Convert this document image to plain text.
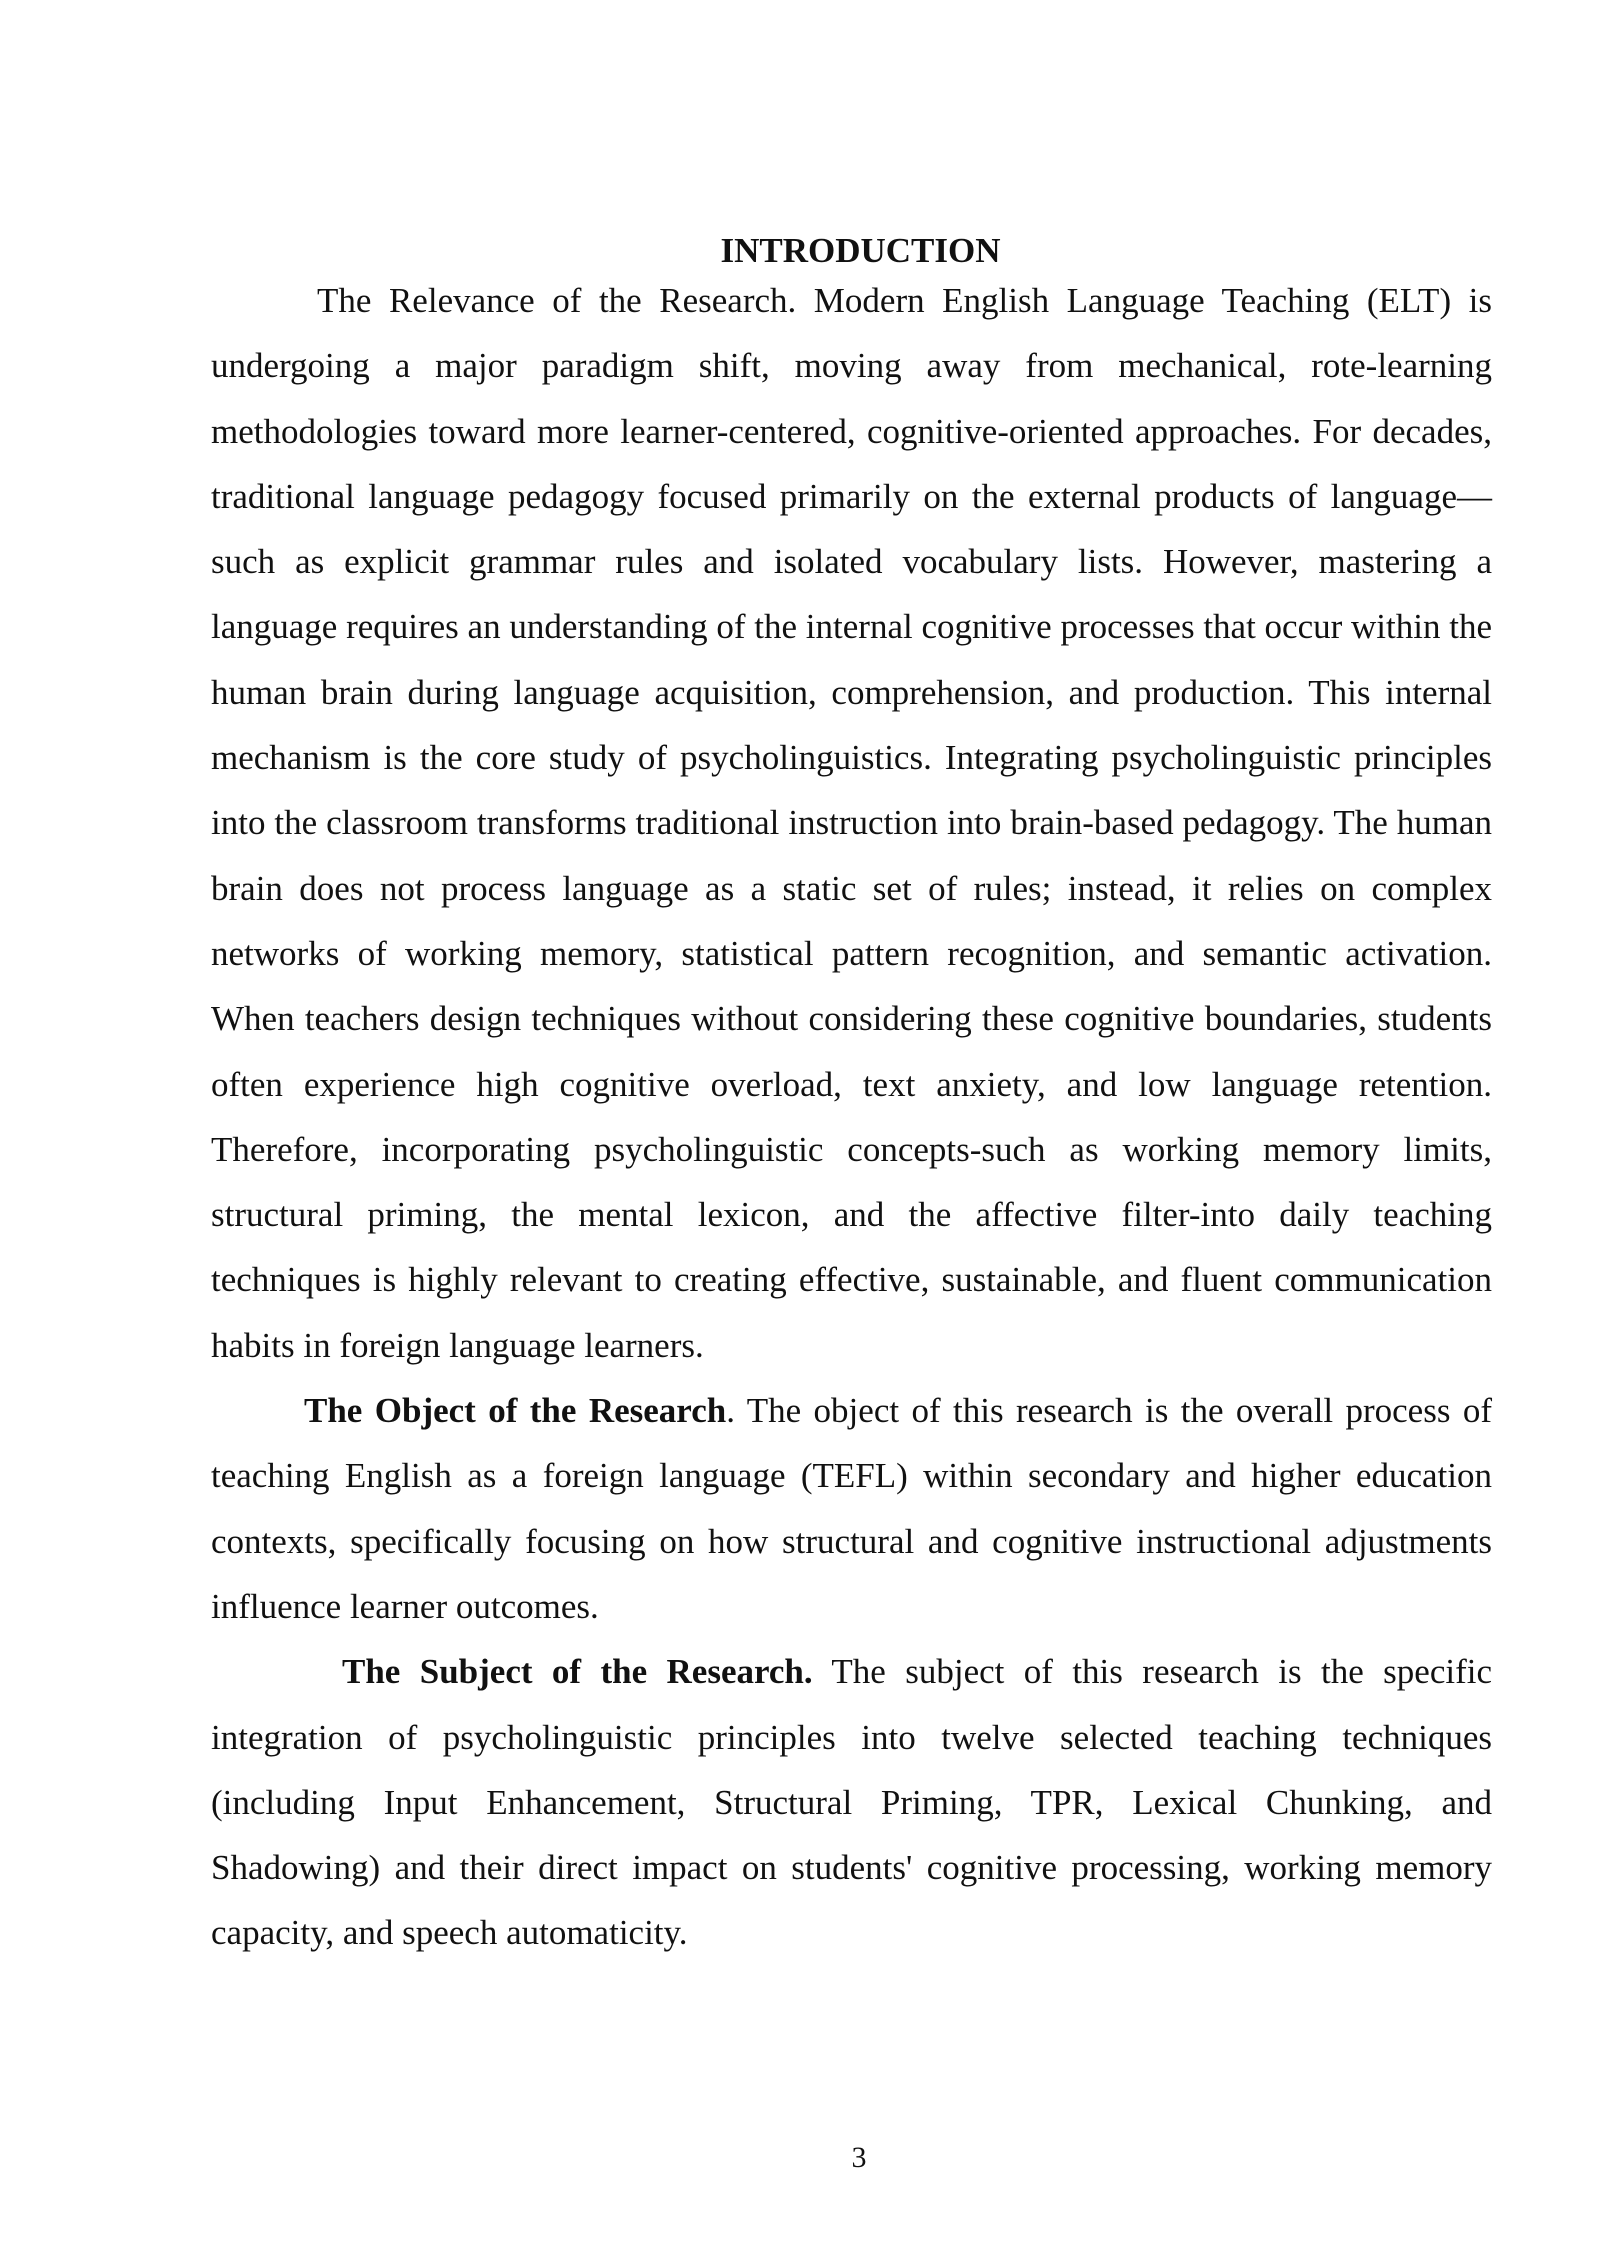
INTRODUCTION

The Relevance of the Research. Modern English Language Teaching (ELT) is undergoing a major paradigm shift, moving away from mechanical, rote-learning methodologies toward more learner-centered, cognitive-oriented approaches. For decades, traditional language pedagogy focused primarily on the external products of language—such as explicit grammar rules and isolated vocabulary lists. However, mastering a language requires an understanding of the internal cognitive processes that occur within the human brain during language acquisition, comprehension, and production. This internal mechanism is the core study of psycholinguistics. Integrating psycholinguistic principles into the classroom transforms traditional instruction into brain-based pedagogy. The human brain does not process language as a static set of rules; instead, it relies on complex networks of working memory, statistical pattern recognition, and semantic activation. When teachers design techniques without considering these cognitive boundaries, students often experience high cognitive overload, text anxiety, and low language retention. Therefore, incorporating psycholinguistic concepts-such as working memory limits, structural priming, the mental lexicon, and the affective filter-into daily teaching techniques is highly relevant to creating effective, sustainable, and fluent communication habits in foreign language learners.

The Object of the Research. The object of this research is the overall process of teaching English as a foreign language (TEFL) within secondary and higher education contexts, specifically focusing on how structural and cognitive instructional adjustments influence learner outcomes.

The Subject of the Research. The subject of this research is the specific integration of psycholinguistic principles into twelve selected teaching techniques (including Input Enhancement, Structural Priming, TPR, Lexical Chunking, and Shadowing) and their direct impact on students' cognitive processing, working memory capacity, and speech automaticity.

3
